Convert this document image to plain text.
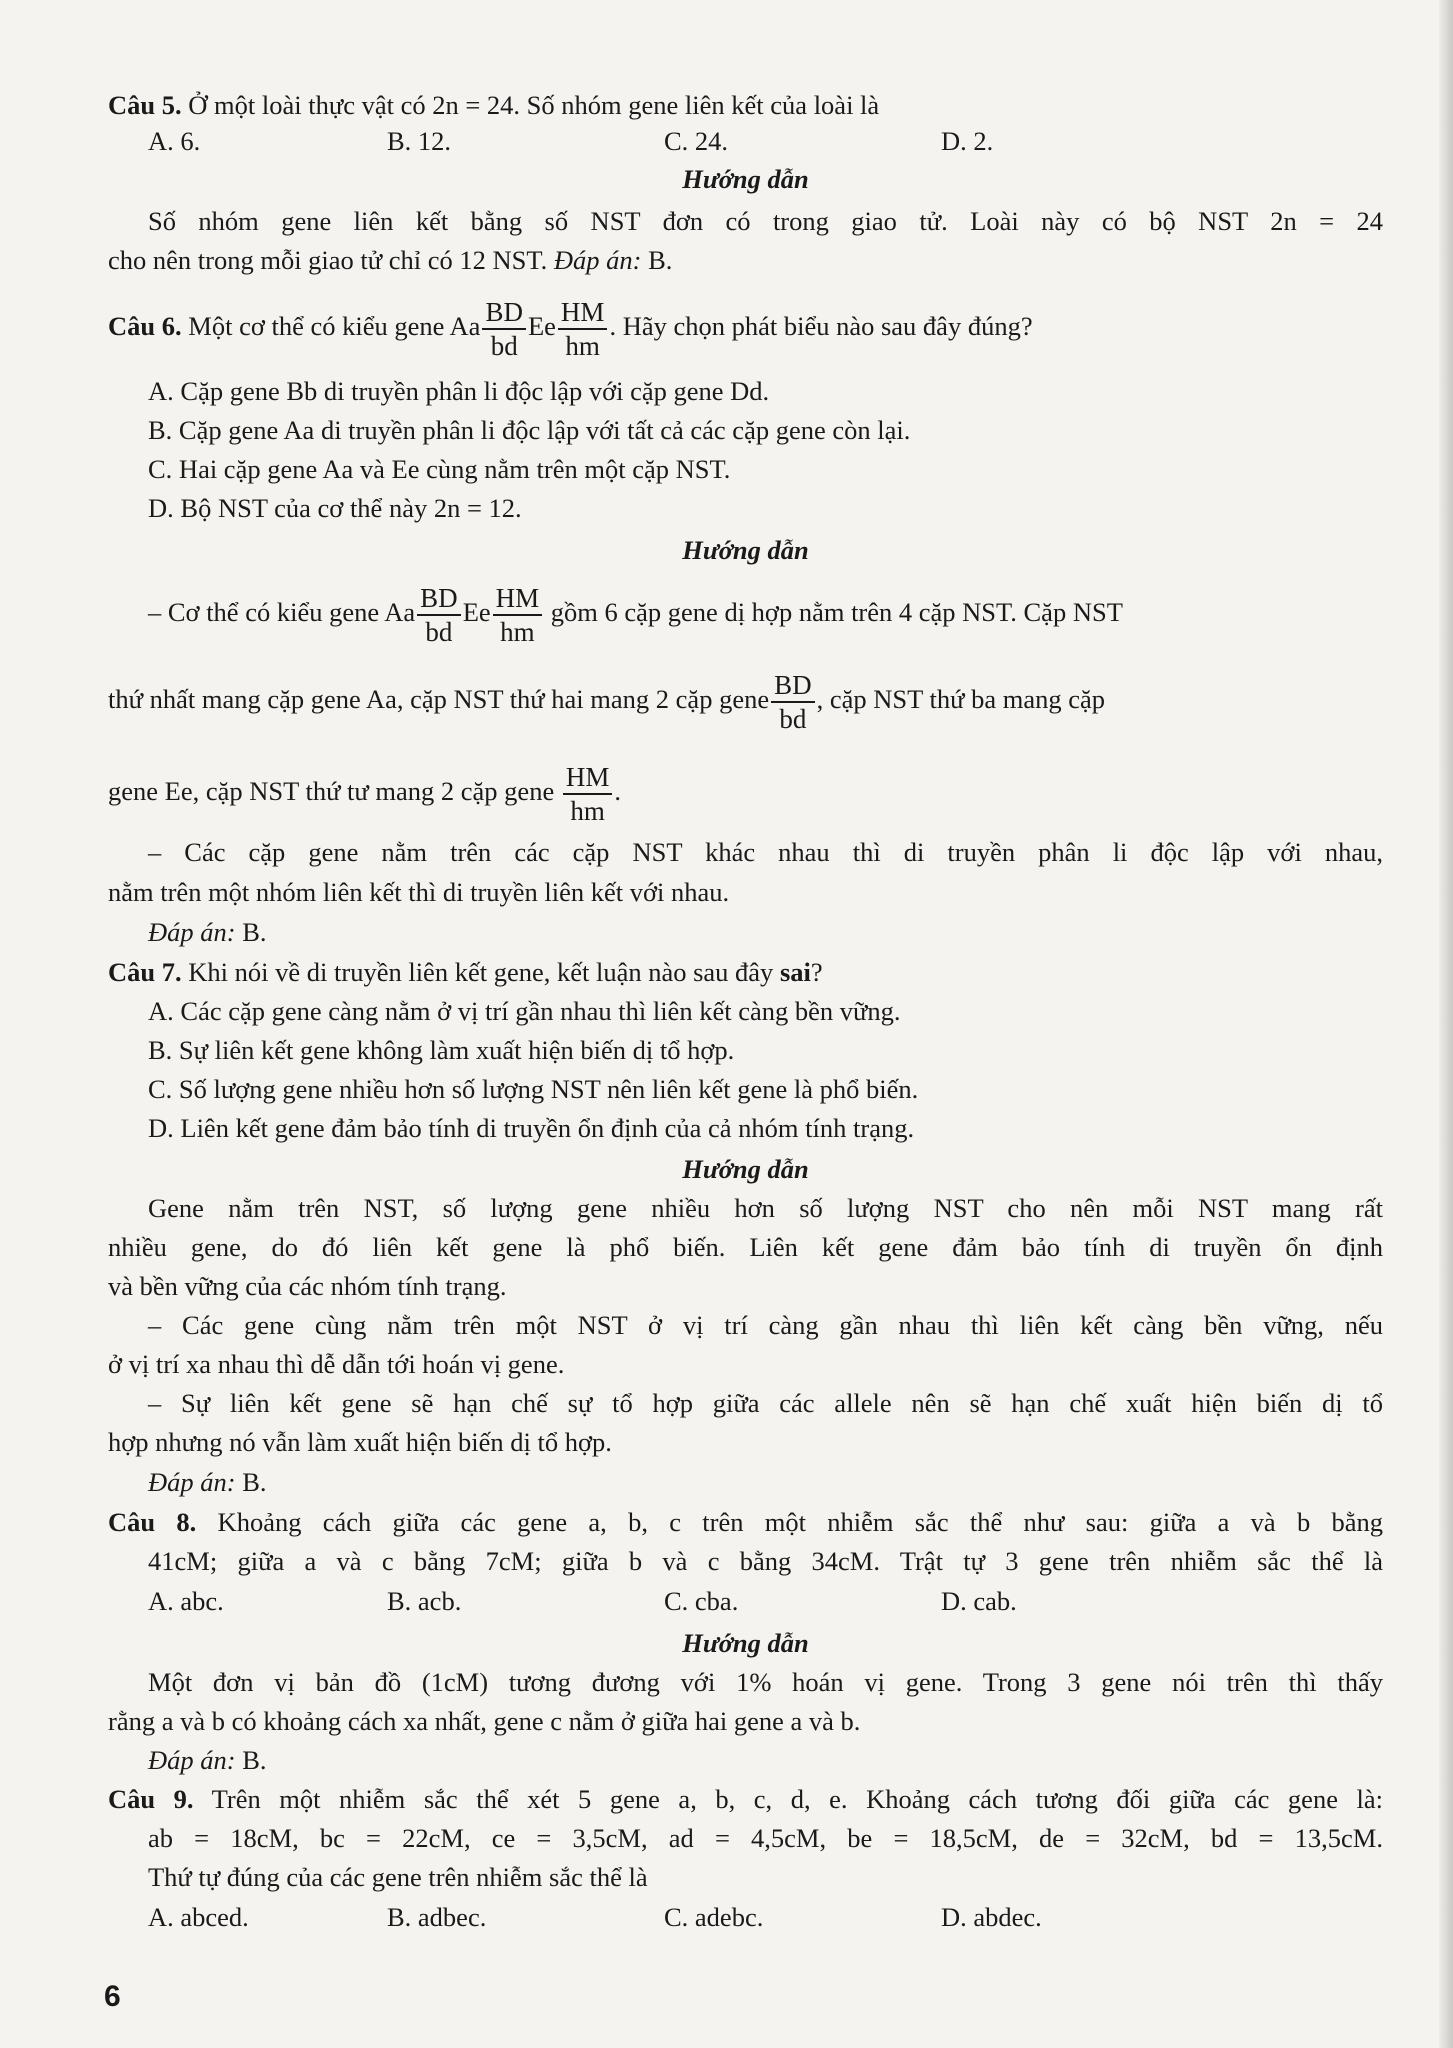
Câu 5. Ở một loài thực vật có 2n = 24. Số nhóm gene liên kết của loài là
A. 6.	B. 12.	C. 24.	D. 2.
Hướng dẫn
Số nhóm gene liên kết bằng số NST đơn có trong giao tử. Loài này có bộ NST 2n = 24
cho nên trong mỗi giao tử chỉ có 12 NST. Đáp án: B.
Câu 6. Một cơ thể có kiểu gene Aa $\frac{BD}{bd}$ Ee $\frac{HM}{hm}$ . Hãy chọn phát biểu nào sau đây đúng?
A. Cặp gene Bb di truyền phân li độc lập với cặp gene Dd.
B. Cặp gene Aa di truyền phân li độc lập với tất cả các cặp gene còn lại.
C. Hai cặp gene Aa và Ee cùng nằm trên một cặp NST.
D. Bộ NST của cơ thể này 2n = 12.
Hướng dẫn
– Cơ thể có kiểu gene Aa $\frac{BD}{bd}$ Ee $\frac{HM}{hm}$ gồm 6 cặp gene dị hợp nằm trên 4 cặp NST. Cặp NST
thứ nhất mang cặp gene Aa, cặp NST thứ hai mang 2 cặp gene $\frac{BD}{bd}$ , cặp NST thứ ba mang cặp
gene Ee, cặp NST thứ tư mang 2 cặp gene $\frac{HM}{hm}$ .
– Các cặp gene nằm trên các cặp NST khác nhau thì di truyền phân li độc lập với nhau,
nằm trên một nhóm liên kết thì di truyền liên kết với nhau.
Đáp án: B.
Câu 7. Khi nói về di truyền liên kết gene, kết luận nào sau đây sai?
A. Các cặp gene càng nằm ở vị trí gần nhau thì liên kết càng bền vững.
B. Sự liên kết gene không làm xuất hiện biến dị tổ hợp.
C. Số lượng gene nhiều hơn số lượng NST nên liên kết gene là phổ biến.
D. Liên kết gene đảm bảo tính di truyền ổn định của cả nhóm tính trạng.
Hướng dẫn
Gene nằm trên NST, số lượng gene nhiều hơn số lượng NST cho nên mỗi NST mang rất
nhiều gene, do đó liên kết gene là phổ biến. Liên kết gene đảm bảo tính di truyền ổn định
và bền vững của các nhóm tính trạng.
– Các gene cùng nằm trên một NST ở vị trí càng gần nhau thì liên kết càng bền vững, nếu
ở vị trí xa nhau thì dễ dẫn tới hoán vị gene.
– Sự liên kết gene sẽ hạn chế sự tổ hợp giữa các allele nên sẽ hạn chế xuất hiện biến dị tổ
hợp nhưng nó vẫn làm xuất hiện biến dị tổ hợp.
Đáp án: B.
Câu 8. Khoảng cách giữa các gene a, b, c trên một nhiễm sắc thể như sau: giữa a và b bằng
41cM; giữa a và c bằng 7cM; giữa b và c bằng 34cM. Trật tự 3 gene trên nhiễm sắc thể là
A. abc.	B. acb.	C. cba.	D. cab.
Hướng dẫn
Một đơn vị bản đồ (1cM) tương đương với 1% hoán vị gene. Trong 3 gene nói trên thì thấy
rằng a và b có khoảng cách xa nhất, gene c nằm ở giữa hai gene a và b.
Đáp án: B.
Câu 9. Trên một nhiễm sắc thể xét 5 gene a, b, c, d, e. Khoảng cách tương đối giữa các gene là:
ab = 18cM, bc = 22cM, ce = 3,5cM, ad = 4,5cM, be = 18,5cM, de = 32cM, bd = 13,5cM.
Thứ tự đúng của các gene trên nhiễm sắc thể là
A. abced.	B. adbec.	C. adebc.	D. abdec.
6
